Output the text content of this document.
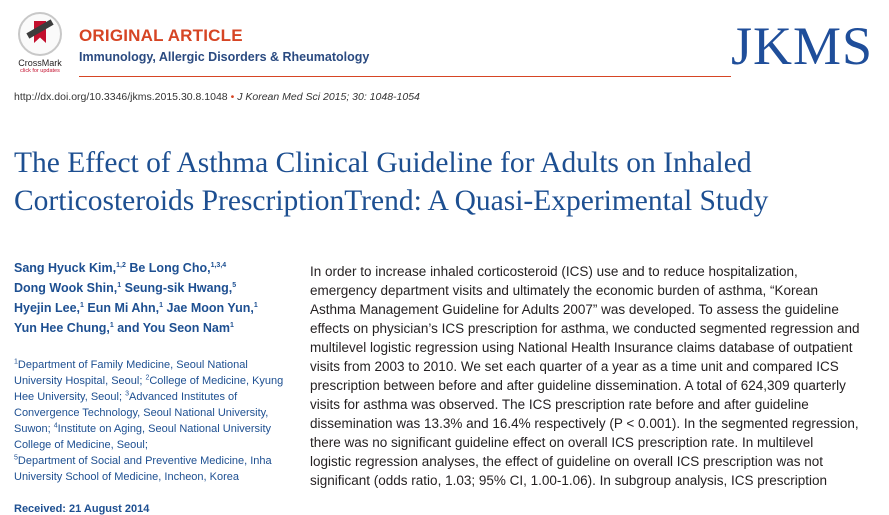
CrossMark
click for updates
ORIGINAL ARTICLE
Immunology, Allergic Disorders & Rheumatology	JKMS
http://dx.doi.org/10.3346/jkms.2015.30.8.1048 • J Korean Med Sci 2015; 30: 1048-1054
The Effect of Asthma Clinical Guideline for Adults on Inhaled
Corticosteroids PrescriptionTrend: A Quasi-Experimental Study
Sang Hyuck Kim,$^{1,2}$ Be Long Cho,$^{1,3,4}$
Dong Wook Shin,$^1$ Seung-sik Hwang,$^5$
Hyejin Lee,$^1$ Eun Mi Ahn,$^1$ Jae Moon Yun,$^1$
Yun Hee Chung,$^1$ and You Seon Nam$^1$
$^1$Department of Family Medicine, Seoul National University Hospital, Seoul; $^2$College of Medicine, Kyung Hee University, Seoul; $^3$Advanced Institutes of Convergence Technology, Seoul National University, Suwon; $^4$Institute on Aging, Seoul National University College of Medicine, Seoul;
$^5$Department of Social and Preventive Medicine, Inha University School of Medicine, Incheon, Korea
In order to increase inhaled corticosteroid (ICS) use and to reduce hospitalization,
emergency department visits and ultimately the economic burden of asthma, “Korean
Asthma Management Guideline for Adults 2007” was developed. To assess the guideline
effects on physician’s ICS prescription for asthma, we conducted segmented regression and
multilevel logistic regression using National Health Insurance claims database of outpatient
visits from 2003 to 2010. We set each quarter of a year as a time unit and compared ICS
prescription between before and after guideline dissemination. A total of 624,309 quarterly
visits for asthma was observed. The ICS prescription rate before and after guideline
dissemination was 13.3% and 16.4% respectively (P < 0.001). In the segmented regression,
there was no significant guideline effect on overall ICS prescription rate. In multilevel
logistic regression analyses, the effect of guideline on overall ICS prescription was not
significant (odds ratio, 1.03; 95% CI, 1.00-1.06). In subgroup analysis, ICS prescription
Received: 21 August 2014
